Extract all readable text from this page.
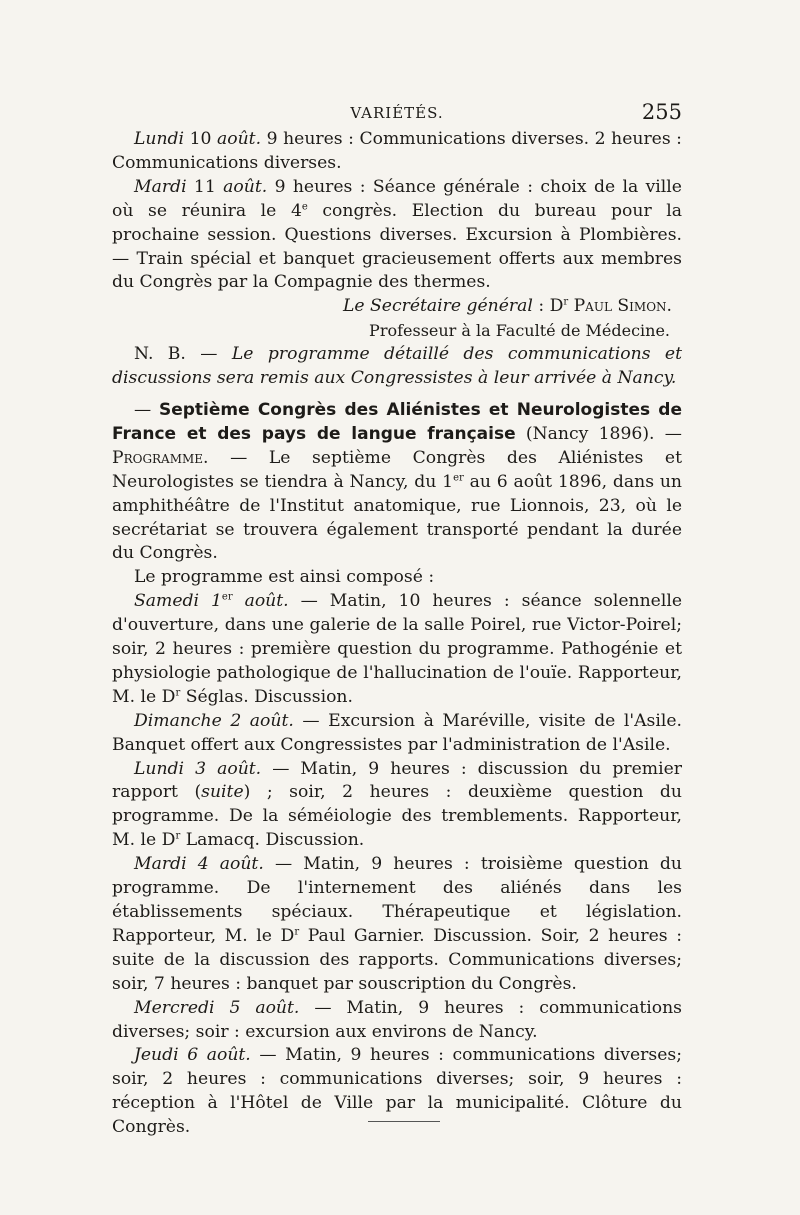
VARIÉTÉS.	255

Lundi 10 août. 9 heures : Communications diverses. 2 heures : Communications diverses.

Mardi 11 août. 9 heures : Séance générale : choix de la ville où se réunira le 4e congrès. Election du bureau pour la prochaine session. Questions diverses. Excursion à Plombières. — Train spécial et banquet gracieusement offerts aux membres du Congrès par la Compagnie des thermes.

Le Secrétaire général : $D^r$ Paul Simon.

Professeur à la Faculté de Médecine.

N. B. — Le programme détaillé des communications et discussions sera remis aux Congressistes à leur arrivée à Nancy.

— Septième Congrès des Aliénistes et Neurologistes de France et des pays de langue française (Nancy 1896). — Programme. — Le septième Congrès des Aliénistes et Neurologistes se tiendra à Nancy, du 1er au 6 août 1896, dans un amphithéâtre de l'Institut anatomique, rue Lionnois, 23, où le secrétariat se trouvera également transporté pendant la durée du Congrès.

Le programme est ainsi composé :

Samedi 1er août. — Matin, 10 heures : séance solennelle d'ouverture, dans une galerie de la salle Poirel, rue Victor-Poirel; soir, 2 heures : première question du programme. Pathogénie et physiologie pathologique de l'hallucination de l'ouïe. Rapporteur, M. le $D^r$ Séglas. Discussion.

Dimanche 2 août. — Excursion à Maréville, visite de l'Asile. Banquet offert aux Congressistes par l'administration de l'Asile.

Lundi 3 août. — Matin, 9 heures : discussion du premier rapport (suite) ; soir, 2 heures : deuxième question du programme. De la séméiologie des tremblements. Rapporteur, M. le $D^r$ Lamacq. Discussion.

Mardi 4 août. — Matin, 9 heures : troisième question du programme. De l'internement des aliénés dans les établissements spéciaux. Thérapeutique et législation. Rapporteur, M. le $D^r$ Paul Garnier. Discussion. Soir, 2 heures : suite de la discussion des rapports. Communications diverses; soir, 7 heures : banquet par souscription du Congrès.

Mercredi 5 août. — Matin, 9 heures : communications diverses; soir : excursion aux environs de Nancy.

Jeudi 6 août. — Matin, 9 heures : communications diverses; soir, 2 heures : communications diverses; soir, 9 heures : réception à l'Hôtel de Ville par la municipalité. Clôture du Congrès.
